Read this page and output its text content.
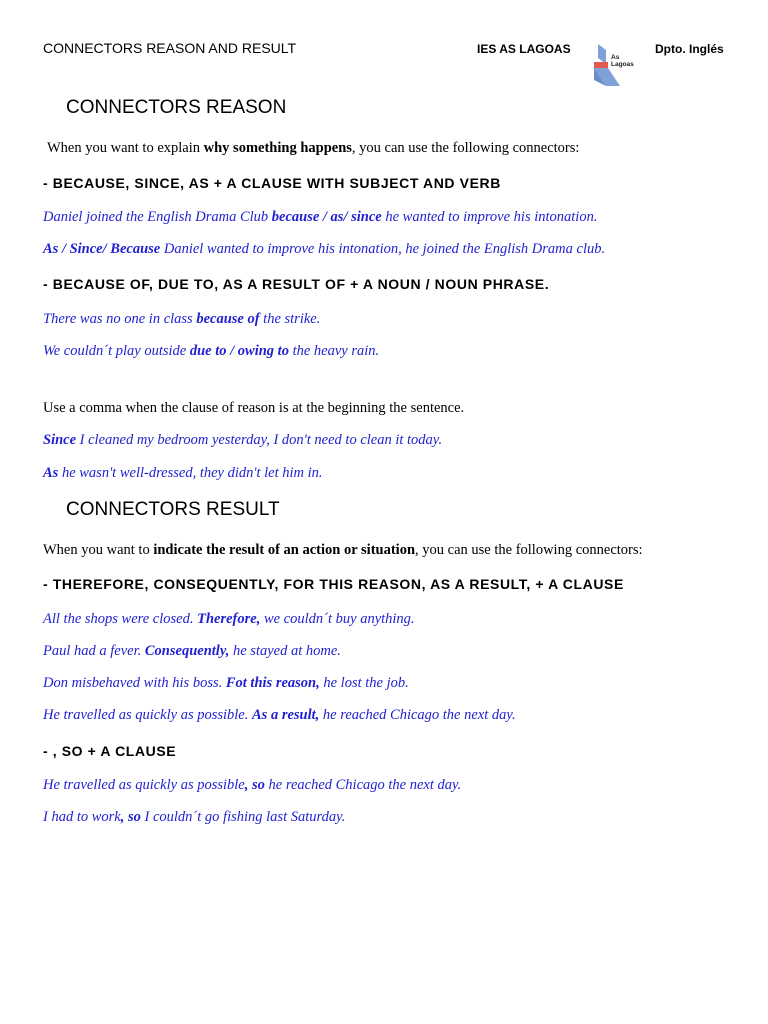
CONNECTORS REASON AND RESULT	IES AS LAGOAS
As
Lagoas
Dpto. Inglés
CONNECTORS REASON
When you want to explain why something happens, you can use the following connectors:
- BECAUSE, SINCE, AS + A CLAUSE WITH SUBJECT AND VERB
Daniel joined the English Drama Club because / as/ since he wanted to improve his intonation.
As / Since/ Because Daniel wanted to improve his intonation, he joined the English Drama club.
- BECAUSE OF, DUE TO, AS A RESULT OF + A NOUN / NOUN PHRASE.
There was no one in class because of the strike.
We couldn´t play outside due to / owing to the heavy rain.
Use a comma when the clause of reason is at the beginning the sentence.
Since I cleaned my bedroom yesterday, I don't need to clean it today.
As he wasn't well-dressed, they didn't let him in.
CONNECTORS RESULT
When you want to indicate the result of an action or situation, you can use the following connectors:
- THEREFORE, CONSEQUENTLY, FOR THIS REASON, AS A RESULT, + A CLAUSE
All the shops were closed. Therefore, we couldn´t buy anything.
Paul had a fever. Consequently, he stayed at home.
Don misbehaved with his boss. Fot this reason, he lost the job.
He travelled as quickly as possible. As a result, he reached Chicago the next day.
- , SO + A CLAUSE
He travelled as quickly as possible, so he reached Chicago the next day.
I had to work, so I couldn´t go fishing last Saturday.
